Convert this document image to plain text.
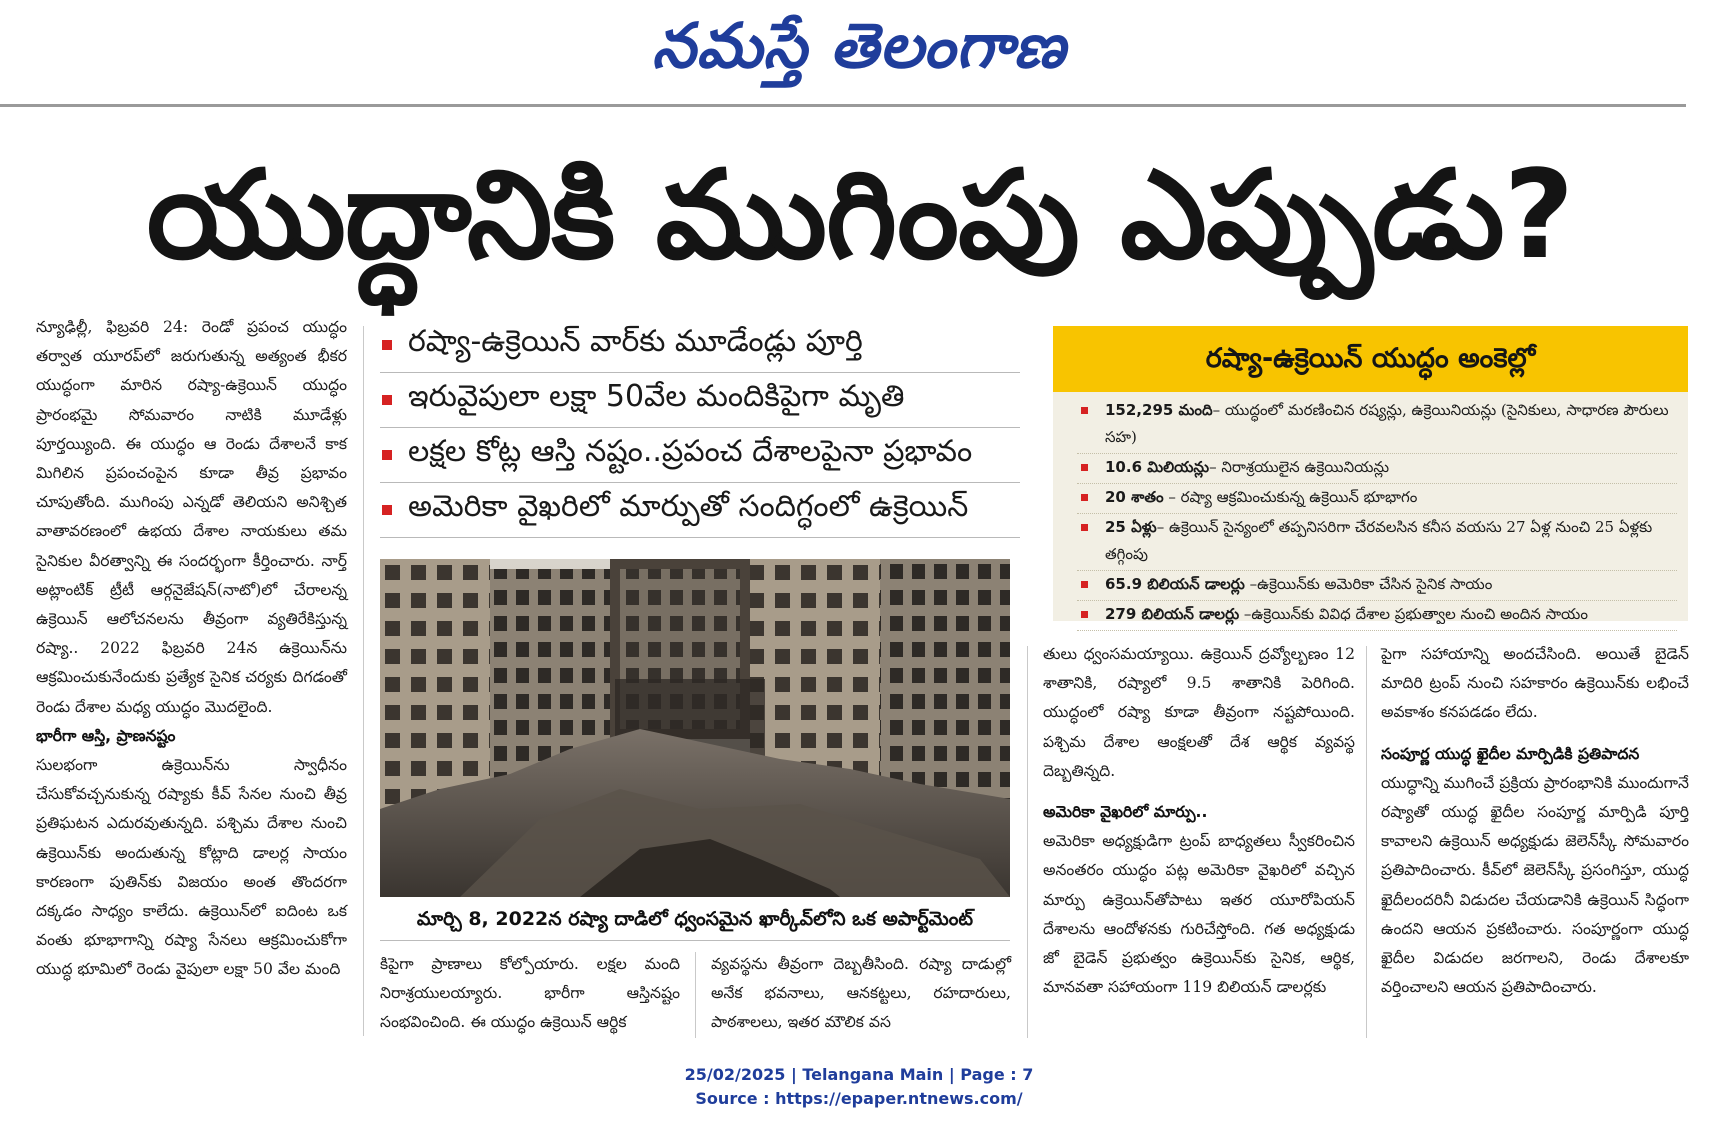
నమస్తే తెలంగాణ
యుద్ధానికి ముగింపు ఎప్పుడు?

న్యూఢిల్లీ, ఫిబ్రవరి 24: రెండో ప్రపంచ యుద్ధం తర్వాత యూరప్‌లో జరుగుతున్న అత్యంత భీకర యుద్ధంగా మారిన రష్యా-ఉక్రెయిన్ యుద్ధం ప్రారంభమై సోమవారం నాటికి మూడేళ్లు పూర్తయ్యింది. ఈ యుద్ధం ఆ రెండు దేశాలనే కాక మిగిలిన ప్రపంచంపైన కూడా తీవ్ర ప్రభావం చూపుతోంది. ముగింపు ఎన్నడో తెలియని అనిశ్చిత వాతావరణంలో ఉభయ దేశాల నాయకులు తమ సైనికుల వీరత్వాన్ని ఈ సందర్భంగా కీర్తించారు. నార్త్ అట్లాంటిక్ ట్రీటీ ఆర్గనైజేషన్(నాటో)లో చేరాలన్న ఉక్రెయిన్ ఆలోచనలను తీవ్రంగా వ్యతిరేకిస్తున్న రష్యా.. 2022 ఫిబ్రవరి 24న ఉక్రెయిన్‌ను ఆక్రమించుకునేందుకు ప్రత్యేక సైనిక చర్యకు దిగడంతో రెండు దేశాల మధ్య యుద్ధం మొదలైంది.

భారీగా ఆస్తి, ప్రాణనష్టం

సులభంగా ఉక్రెయిన్‌ను స్వాధీనం చేసుకోవచ్చనుకున్న రష్యాకు కీవ్ సేనల నుంచి తీవ్ర ప్రతిఘటన ఎదురవుతున్నది. పశ్చిమ దేశాల నుంచి ఉక్రెయిన్‌కు అందుతున్న కోట్లాది డాలర్ల సాయం కారణంగా పుతిన్‌కు విజయం అంత తొందరగా దక్కడం సాధ్యం కాలేదు. ఉక్రెయిన్‌లో ఐదింట ఒక వంతు భూభాగాన్ని రష్యా సేనలు ఆక్రమించుకోగా యుద్ధ భూమిలో రెండు వైపులా లక్షా 50 వేల మంది

రష్యా-ఉక్రెయిన్ వార్‌కు మూడేండ్లు పూర్తి
ఇరువైపులా లక్షా 50వేల మందికిపైగా మృతి
లక్షల కోట్ల ఆస్తి నష్టం..ప్రపంచ దేశాలపైనా ప్రభావం
అమెరికా వైఖరిలో మార్పుతో సందిగ్ధంలో ఉక్రెయిన్
మార్చి 8, 2022న రష్యా దాడిలో ధ్వంసమైన ఖార్కీవ్‌లోని ఒక అపార్ట్‌మెంట్

కిపైగా ప్రాణాలు కోల్పోయారు. లక్షల మంది నిరాశ్రయులయ్యారు. భారీగా ఆస్తినష్టం సంభవించింది. ఈ యుద్ధం ఉక్రెయిన్ ఆర్థిక

వ్యవస్థను తీవ్రంగా దెబ్బతీసింది. రష్యా దాడుల్లో అనేక భవనాలు, ఆనకట్టలు, రహదారులు, పాఠశాలలు, ఇతర మౌలిక వస

రష్యా-ఉక్రెయిన్ యుద్ధం అంకెల్లో
152,295 మంది– యుద్ధంలో మరణించిన రష్యన్లు, ఉక్రెయినియన్లు (సైనికులు, సాధారణ పౌరులు సహ)
10.6 మిలియన్లు– నిరాశ్రయులైన ఉక్రెయినియన్లు
20 శాతం – రష్యా ఆక్రమించుకున్న ఉక్రెయిన్ భూభాగం
25 ఏళ్లు– ఉక్రెయిన్ సైన్యంలో తప్పనిసరిగా చేరవలసిన కనీస వయసు 27 ఏళ్ల నుంచి 25 ఏళ్లకు తగ్గింపు
65.9 బిలియన్ డాలర్లు –ఉక్రెయిన్‌కు అమెరికా చేసిన సైనిక సాయం
279 బిలియన్ డాలర్లు –ఉక్రెయిన్‌కు వివిధ దేశాల ప్రభుత్వాల నుంచి అందిన సాయం

తులు ధ్వంసమయ్యాయి. ఉక్రెయిన్ ద్రవ్యోల్బణం 12 శాతానికి, రష్యాలో 9.5 శాతానికి పెరిగింది. యుద్ధంలో రష్యా కూడా తీవ్రంగా నష్టపోయింది. పశ్చిమ దేశాల ఆంక్షలతో దేశ ఆర్థిక వ్యవస్థ దెబ్బతిన్నది.

అమెరికా వైఖరిలో మార్పు..

అమెరికా అధ్యక్షుడిగా ట్రంప్ బాధ్యతలు స్వీకరించిన అనంతరం యుద్ధం పట్ల అమెరికా వైఖరిలో వచ్చిన మార్పు ఉక్రెయిన్‌తోపాటు ఇతర యూరోపియన్ దేశాలను ఆందోళనకు గురిచేస్తోంది. గత అధ్యక్షుడు జో బైడెన్ ప్రభుత్వం ఉక్రెయిన్‌కు సైనిక, ఆర్థిక, మానవతా సహాయంగా 119 బిలియన్ డాలర్లకు

పైగా సహాయాన్ని అందచేసింది. అయితే బైడెన్ మాదిరి ట్రంప్ నుంచి సహకారం ఉక్రెయిన్‌కు లభించే అవకాశం కనపడడం లేదు.

సంపూర్ణ యుద్ధ ఖైదీల మార్పిడికి ప్రతిపాదన

యుద్ధాన్ని ముగించే ప్రక్రియ ప్రారంభానికి ముందుగానే రష్యాతో యుద్ధ ఖైదీల సంపూర్ణ మార్పిడి పూర్తి కావాలని ఉక్రెయిన్ అధ్యక్షుడు జెలెన్‌స్కీ సోమవారం ప్రతిపాదించారు. కీవ్‌లో జెలెన్‌స్కీ ప్రసంగిస్తూ, యుద్ధ ఖైదీలందరినీ విడుదల చేయడానికి ఉక్రెయిన్ సిద్ధంగా ఉందని ఆయన ప్రకటించారు. సంపూర్ణంగా యుద్ధ ఖైదీల విడుదల జరగాలని, రెండు దేశాలకూ వర్తించాలని ఆయన ప్రతిపాదించారు.

25/02/2025 | Telangana Main | Page : 7
Source : https://epaper.ntnews.com/
